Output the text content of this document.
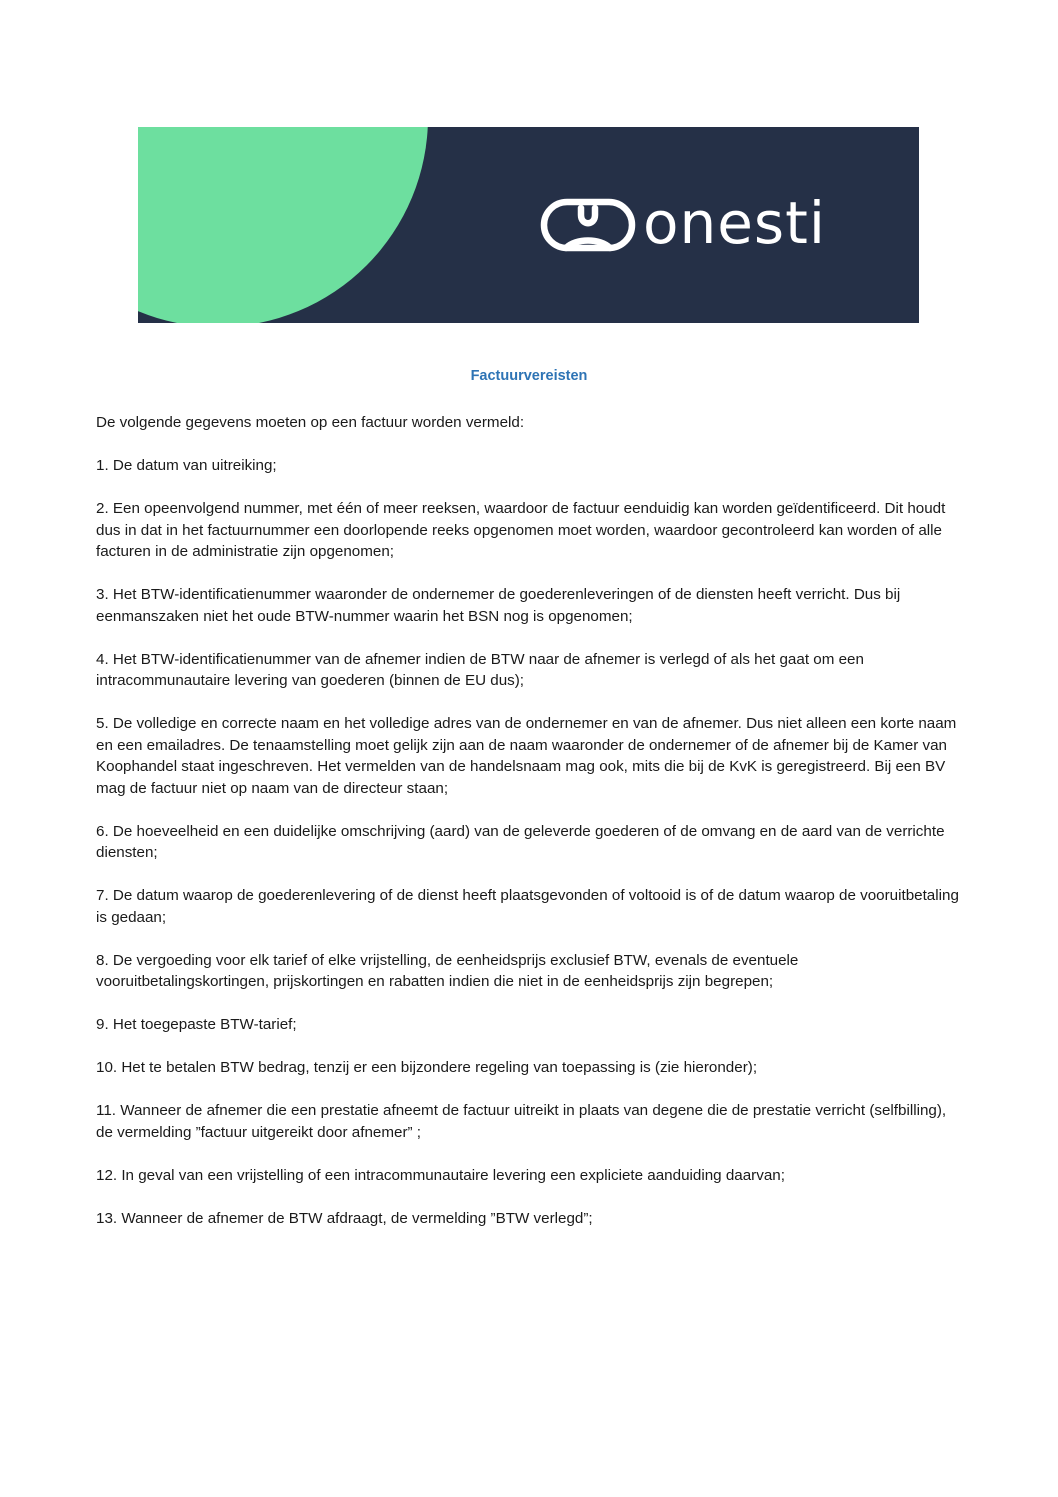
onesti
Factuurvereisten

De volgende gegevens moeten op een factuur worden vermeld:

1. De datum van uitreiking;

2. Een opeenvolgend nummer, met één of meer reeksen, waardoor de factuur eenduidig kan worden geïdentificeerd. Dit houdt dus in dat in het factuurnummer een doorlopende reeks opgenomen moet worden, waardoor gecontroleerd kan worden of alle facturen in de administratie zijn opgenomen;

3. Het BTW-identificatienummer waaronder de ondernemer de goederenleveringen of de diensten heeft verricht. Dus bij eenmanszaken niet het oude BTW-nummer waarin het BSN nog is opgenomen;

4. Het BTW-identificatienummer van de afnemer indien de BTW naar de afnemer is verlegd of als het gaat om een intracommunautaire levering van goederen (binnen de EU dus);

5. De volledige en correcte naam en het volledige adres van de ondernemer en van de afnemer. Dus niet alleen een korte naam en een emailadres. De tenaamstelling moet gelijk zijn aan de naam waaronder de ondernemer of de afnemer bij de Kamer van Koophandel staat ingeschreven. Het vermelden van de handelsnaam mag ook, mits die bij de KvK is geregistreerd. Bij een BV mag de factuur niet op naam van de directeur staan;

6. De hoeveelheid en een duidelijke omschrijving (aard) van de geleverde goederen of de omvang en de aard van de verrichte diensten;

7. De datum waarop de goederenlevering of de dienst heeft plaatsgevonden of voltooid is of de datum waarop de vooruitbetaling is gedaan;

8. De vergoeding voor elk tarief of elke vrijstelling, de eenheidsprijs exclusief BTW, evenals de eventuele vooruitbetalingskortingen, prijskortingen en rabatten indien die niet in de eenheidsprijs zijn begrepen;

9. Het toegepaste BTW-tarief;

10. Het te betalen BTW bedrag, tenzij er een bijzondere regeling van toepassing is (zie hieronder);

11. Wanneer de afnemer die een prestatie afneemt de factuur uitreikt in plaats van degene die de prestatie verricht (selfbilling), de vermelding ”factuur uitgereikt door afnemer” ;

12. In geval van een vrijstelling of een intracommunautaire levering een expliciete aanduiding daarvan;

13. Wanneer de afnemer de BTW afdraagt, de vermelding ”BTW verlegd”;
